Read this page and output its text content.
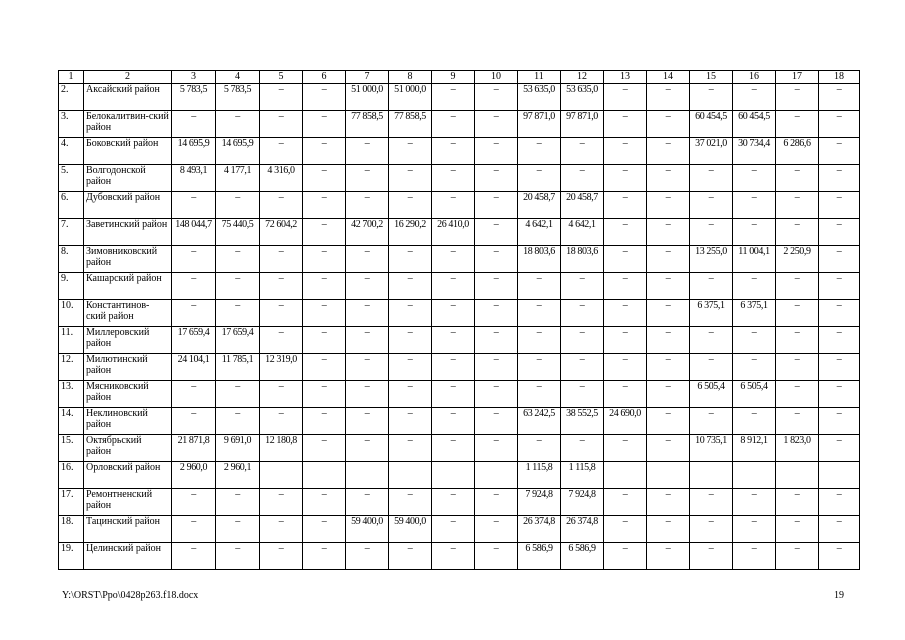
1	2	3	4	5	6	7	8	9	10	11	12	13	14	15	16	17	18
2.	Аксайский район	5 783,5	5 783,5	–	–	51 000,0	51 000,0	–	–	53 635,0	53 635,0	–	–	–	–	–	–
3.	Белокалитвин-ский район	–	–	–	–	77 858,5	77 858,5	–	–	97 871,0	97 871,0	–	–	60 454,5	60 454,5	–	–
4.	Боковский район	14 695,9	14 695,9	–	–	–	–	–	–	–	–	–	–	37 021,0	30 734,4	6 286,6	–
5.	Волгодонской район	8 493,1	4 177,1	4 316,0	–	–	–	–	–	–	–	–	–	–	–	–	–
6.	Дубовский район	–	–	–	–	–	–	–	–	20 458,7	20 458,7	–	–	–	–	–	–
7.	Заветинский район	148 044,7	75 440,5	72 604,2	–	42 700,2	16 290,2	26 410,0	–	4 642,1	4 642,1	–	–	–	–	–	–
8.	Зимовниковский район	–	–	–	–	–	–	–	–	18 803,6	18 803,6	–	–	13 255,0	11 004,1	2 250,9	–
9.	Кашарский район	–	–	–	–	–	–	–	–	–	–	–	–	–	–	–	–
10.	Константинов-ский район	–	–	–	–	–	–	–	–	–	–	–	–	6 375,1	6 375,1	–	–
11.	Миллеровский район	17 659,4	17 659,4	–	–	–	–	–	–	–	–	–	–	–	–	–	–
12.	Милютинский район	24 104,1	11 785,1	12 319,0	–	–	–	–	–	–	–	–	–	–	–	–	–
13.	Мясниковский район	–	–	–	–	–	–	–	–	–	–	–	–	6 505,4	6 505,4	–	–
14.	Неклиновский район	–	–	–	–	–	–	–	–	63 242,5	38 552,5	24 690,0	–	–	–	–	–
15.	Октябрьский район	21 871,8	9 691,0	12 180,8	–	–	–	–	–	–	–	–	–	10 735,1	8 912,1	1 823,0	–
16.	Орловский район	2 960,0	2 960,1							1 115,8	1 115,8						
17.	Ремонтненский район	–	–	–	–	–	–	–	–	7 924,8	7 924,8	–	–	–	–	–	–
18.	Тацинский район	–	–	–	–	59 400,0	59 400,0	–	–	26 374,8	26 374,8	–	–	–	–	–	–
19.	Целинский район	–	–	–	–	–	–	–	–	6 586,9	6 586,9	–	–	–	–	–	–
Y:\ORST\Ppo\0428p263.f18.docx	19
